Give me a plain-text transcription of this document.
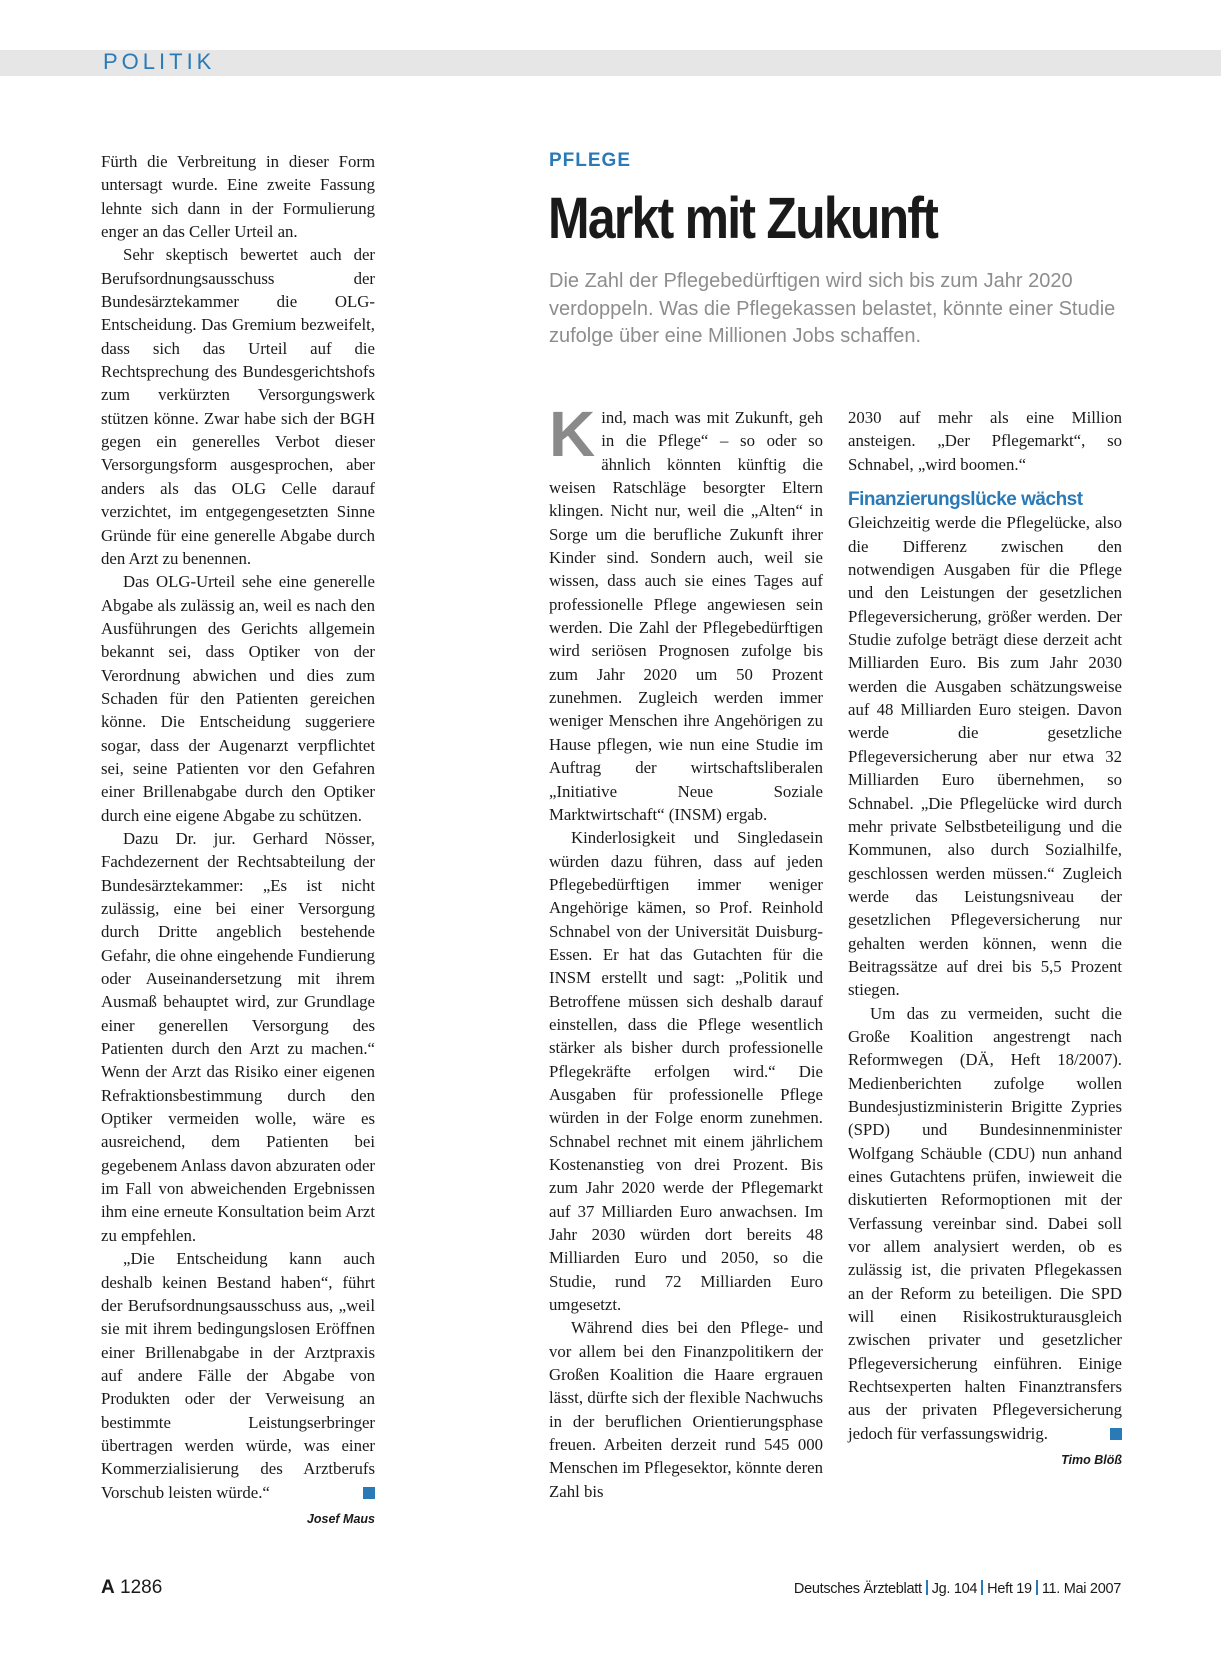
POLITIK

Fürth die Verbreitung in dieser Form untersagt wurde. Eine zweite Fassung lehnte sich dann in der Formulierung enger an das Celler Urteil an.

Sehr skeptisch bewertet auch der Berufsordnungsausschuss der Bundesärztekammer die OLG-Entscheidung. Das Gremium bezweifelt, dass sich das Urteil auf die Rechtsprechung des Bundesgerichtshofs zum verkürzten Versorgungswerk stützen könne. Zwar habe sich der BGH gegen ein generelles Verbot dieser Versorgungsform ausgesprochen, aber anders als das OLG Celle darauf verzichtet, im entgegengesetzten Sinne Gründe für eine generelle Abgabe durch den Arzt zu benennen.

Das OLG-Urteil sehe eine generelle Abgabe als zulässig an, weil es nach den Ausführungen des Gerichts allgemein bekannt sei, dass Optiker von der Verordnung abwichen und dies zum Schaden für den Patienten gereichen könne. Die Entscheidung suggeriere sogar, dass der Augenarzt verpflichtet sei, seine Patienten vor den Gefahren einer Brillenabgabe durch den Optiker durch eine eigene Abgabe zu schützen.

Dazu Dr. jur. Gerhard Nösser, Fachdezernent der Rechtsabteilung der Bundesärztekammer: „Es ist nicht zulässig, eine bei einer Versorgung durch Dritte angeblich bestehende Gefahr, die ohne eingehende Fundierung oder Auseinandersetzung mit ihrem Ausmaß behauptet wird, zur Grundlage einer generellen Versorgung des Patienten durch den Arzt zu machen.“ Wenn der Arzt das Risiko einer eigenen Refraktionsbestimmung durch den Optiker vermeiden wolle, wäre es ausreichend, dem Patienten bei gegebenem Anlass davon abzuraten oder im Fall von abweichenden Ergebnissen ihm eine erneute Konsultation beim Arzt zu empfehlen.

„Die Entscheidung kann auch deshalb keinen Bestand haben“, führt der Berufsordnungsausschuss aus, „weil sie mit ihrem bedingungslosen Eröffnen einer Brillenabgabe in der Arztpraxis auf andere Fälle der Abgabe von Produkten oder der Verweisung an bestimmte Leistungserbringer übertragen werden würde, was einer Kommerzialisierung des Arztberufs Vorschub leisten würde.“

Josef Maus
PFLEGE
Markt mit Zukunft
Die Zahl der Pflegebedürftigen wird sich bis zum Jahr 2020 verdoppeln. Was die Pflegekassen belastet, könnte einer Studie zufolge über eine Millionen Jobs schaffen.

Kind, mach was mit Zukunft, geh in die Pflege“ – so oder so ähnlich könnten künftig die weisen Ratschläge besorgter Eltern klingen. Nicht nur, weil die „Alten“ in Sorge um die berufliche Zukunft ihrer Kinder sind. Sondern auch, weil sie wissen, dass auch sie eines Tages auf professionelle Pflege angewiesen sein werden. Die Zahl der Pflegebedürftigen wird seriösen Prognosen zufolge bis zum Jahr 2020 um 50 Prozent zunehmen. Zugleich werden immer weniger Menschen ihre Angehörigen zu Hause pflegen, wie nun eine Studie im Auftrag der wirtschaftsliberalen „Initiative Neue Soziale Marktwirtschaft“ (INSM) ergab.

Kinderlosigkeit und Singledasein würden dazu führen, dass auf jeden Pflegebedürftigen immer weniger Angehörige kämen, so Prof. Reinhold Schnabel von der Universität Duisburg-Essen. Er hat das Gutachten für die INSM erstellt und sagt: „Politik und Betroffene müssen sich deshalb darauf einstellen, dass die Pflege wesentlich stärker als bisher durch professionelle Pflegekräfte erfolgen wird.“ Die Ausgaben für professionelle Pflege würden in der Folge enorm zunehmen. Schnabel rechnet mit einem jährlichem Kostenanstieg von drei Prozent. Bis zum Jahr 2020 werde der Pflegemarkt auf 37 Milliarden Euro anwachsen. Im Jahr 2030 würden dort bereits 48 Milliarden Euro und 2050, so die Studie, rund 72 Milliarden Euro umgesetzt.

Während dies bei den Pflege- und vor allem bei den Finanzpolitikern der Großen Koalition die Haare ergrauen lässt, dürfte sich der flexible Nachwuchs in der beruflichen Orientierungsphase freuen. Arbeiten derzeit rund 545 000 Menschen im Pflegesektor, könnte deren Zahl bis

2030 auf mehr als eine Million ansteigen. „Der Pflegemarkt“, so Schnabel, „wird boomen.“

Finanzierungslücke wächst

Gleichzeitig werde die Pflegelücke, also die Differenz zwischen den notwendigen Ausgaben für die Pflege und den Leistungen der gesetzlichen Pflegeversicherung, größer werden. Der Studie zufolge beträgt diese derzeit acht Milliarden Euro. Bis zum Jahr 2030 werden die Ausgaben schätzungsweise auf 48 Milliarden Euro steigen. Davon werde die gesetzliche Pflegeversicherung aber nur etwa 32 Milliarden Euro übernehmen, so Schnabel. „Die Pflegelücke wird durch mehr private Selbstbeteiligung und die Kommunen, also durch Sozialhilfe, geschlossen werden müssen.“ Zugleich werde das Leistungsniveau der gesetzlichen Pflegeversicherung nur gehalten werden können, wenn die Beitragssätze auf drei bis 5,5 Prozent stiegen.

Um das zu vermeiden, sucht die Große Koalition angestrengt nach Reformwegen (DÄ, Heft 18/2007). Medienberichten zufolge wollen Bundesjustizministerin Brigitte Zypries (SPD) und Bundesinnenminister Wolfgang Schäuble (CDU) nun anhand eines Gutachtens prüfen, inwieweit die diskutierten Reformoptionen mit der Verfassung vereinbar sind. Dabei soll vor allem analysiert werden, ob es zulässig ist, die privaten Pflegekassen an der Reform zu beteiligen. Die SPD will einen Risikostrukturausgleich zwischen privater und gesetzlicher Pflegeversicherung einführen. Einige Rechtsexperten halten Finanztransfers aus der privaten Pflegeversicherung jedoch für verfassungswidrig.

Timo Blöß
A 1286	Deutsches Ärzteblatt Jg. 104 Heft 19 11. Mai 2007
